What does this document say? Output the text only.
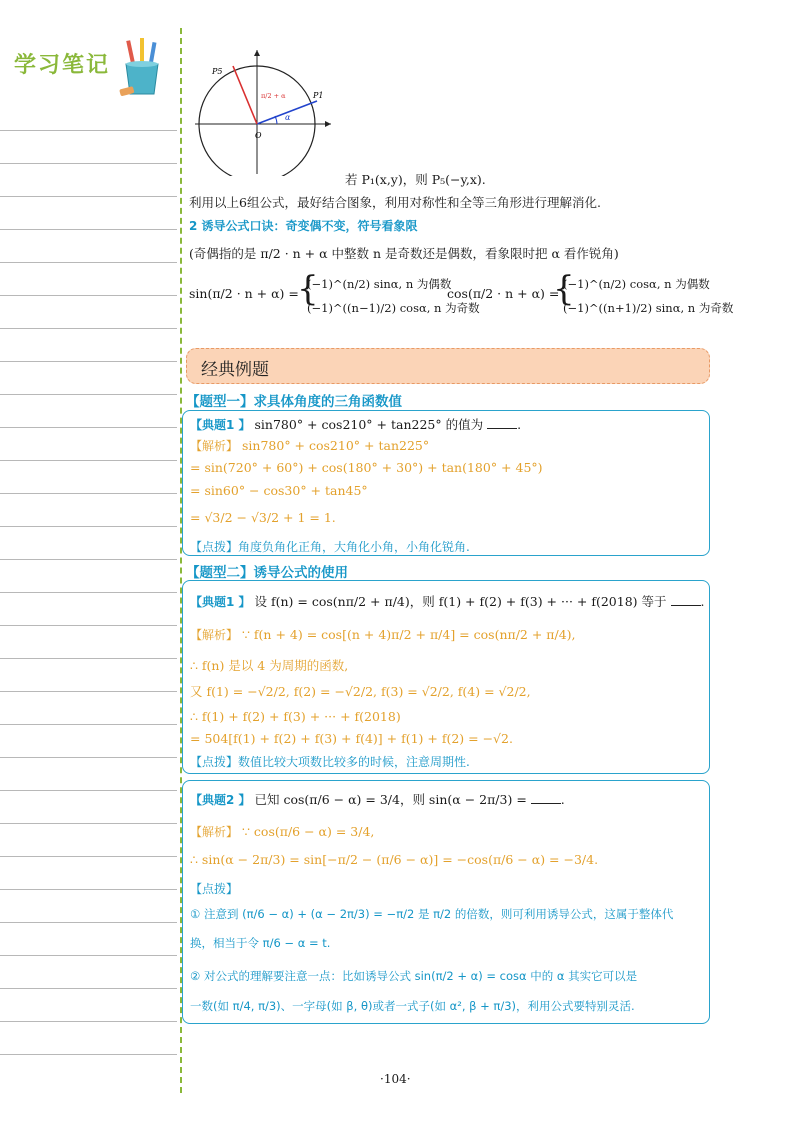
学习笔记	P5
P1
O
π/2 + α
α
若 P₁(x,y)，则 P₅(−y,x).
利用以上6组公式，最好结合图象，利用对称性和全等三角形进行理解消化.
2 诱导公式口诀：奇变偶不变，符号看象限
(奇偶指的是 π/2 · n + α 中整数 n 是奇数还是偶数，看象限时把 α 看作锐角)
sin(π/2 · n + α) =
{
(−1)^(n/2) sinα, n 为偶数
(−1)^((n−1)/2) cosα, n 为奇数
cos(π/2 · n + α) =
{
(−1)^(n/2) cosα, n 为偶数
(−1)^((n+1)/2) sinα, n 为奇数
经典例题
【题型一】求具体角度的三角函数值
【典题1 】 sin780° + cos210° + tan225° 的值为	.
【解析】 sin780° + cos210° + tan225°
= sin(720° + 60°) + cos(180° + 30°) + tan(180° + 45°)
= sin60° − cos30° + tan45°
= √3/2 − √3/2 + 1 = 1.
【点拨】角度负角化正角，大角化小角，小角化锐角.
【题型二】诱导公式的使用
【典题1 】 设 f(n) = cos(nπ/2 + π/4)，则 f(1) + f(2) + f(3) + ··· + f(2018) 等于	.
【解析】 ∵ f(n + 4) = cos[(n + 4)π/2 + π/4] = cos(nπ/2 + π/4),
∴ f(n) 是以 4 为周期的函数,
又 f(1) = −√2/2, f(2) = −√2/2, f(3) = √2/2, f(4) = √2/2,
∴ f(1) + f(2) + f(3) + ··· + f(2018)
= 504[f(1) + f(2) + f(3) + f(4)] + f(1) + f(2) = −√2.
【点拨】数值比较大项数比较多的时候，注意周期性.
【典题2 】 已知 cos(π/6 − α) = 3/4，则 sin(α − 2π/3) =	.
【解析】 ∵ cos(π/6 − α) = 3/4,
∴ sin(α − 2π/3) = sin[−π/2 − (π/6 − α)] = −cos(π/6 − α) = −3/4.
【点拨】
① 注意到 (π/6 − α) + (α − 2π/3) = −π/2 是 π/2 的倍数，则可利用诱导公式，这属于整体代
换，相当于令 π/6 − α = t.
② 对公式的理解要注意一点：比如诱导公式 sin(π/2 + α) = cosα 中的 α 其实它可以是
一数(如 π/4, π/3)、一字母(如 β, θ)或者一式子(如 α², β + π/3)，利用公式要特别灵活.
·104·
